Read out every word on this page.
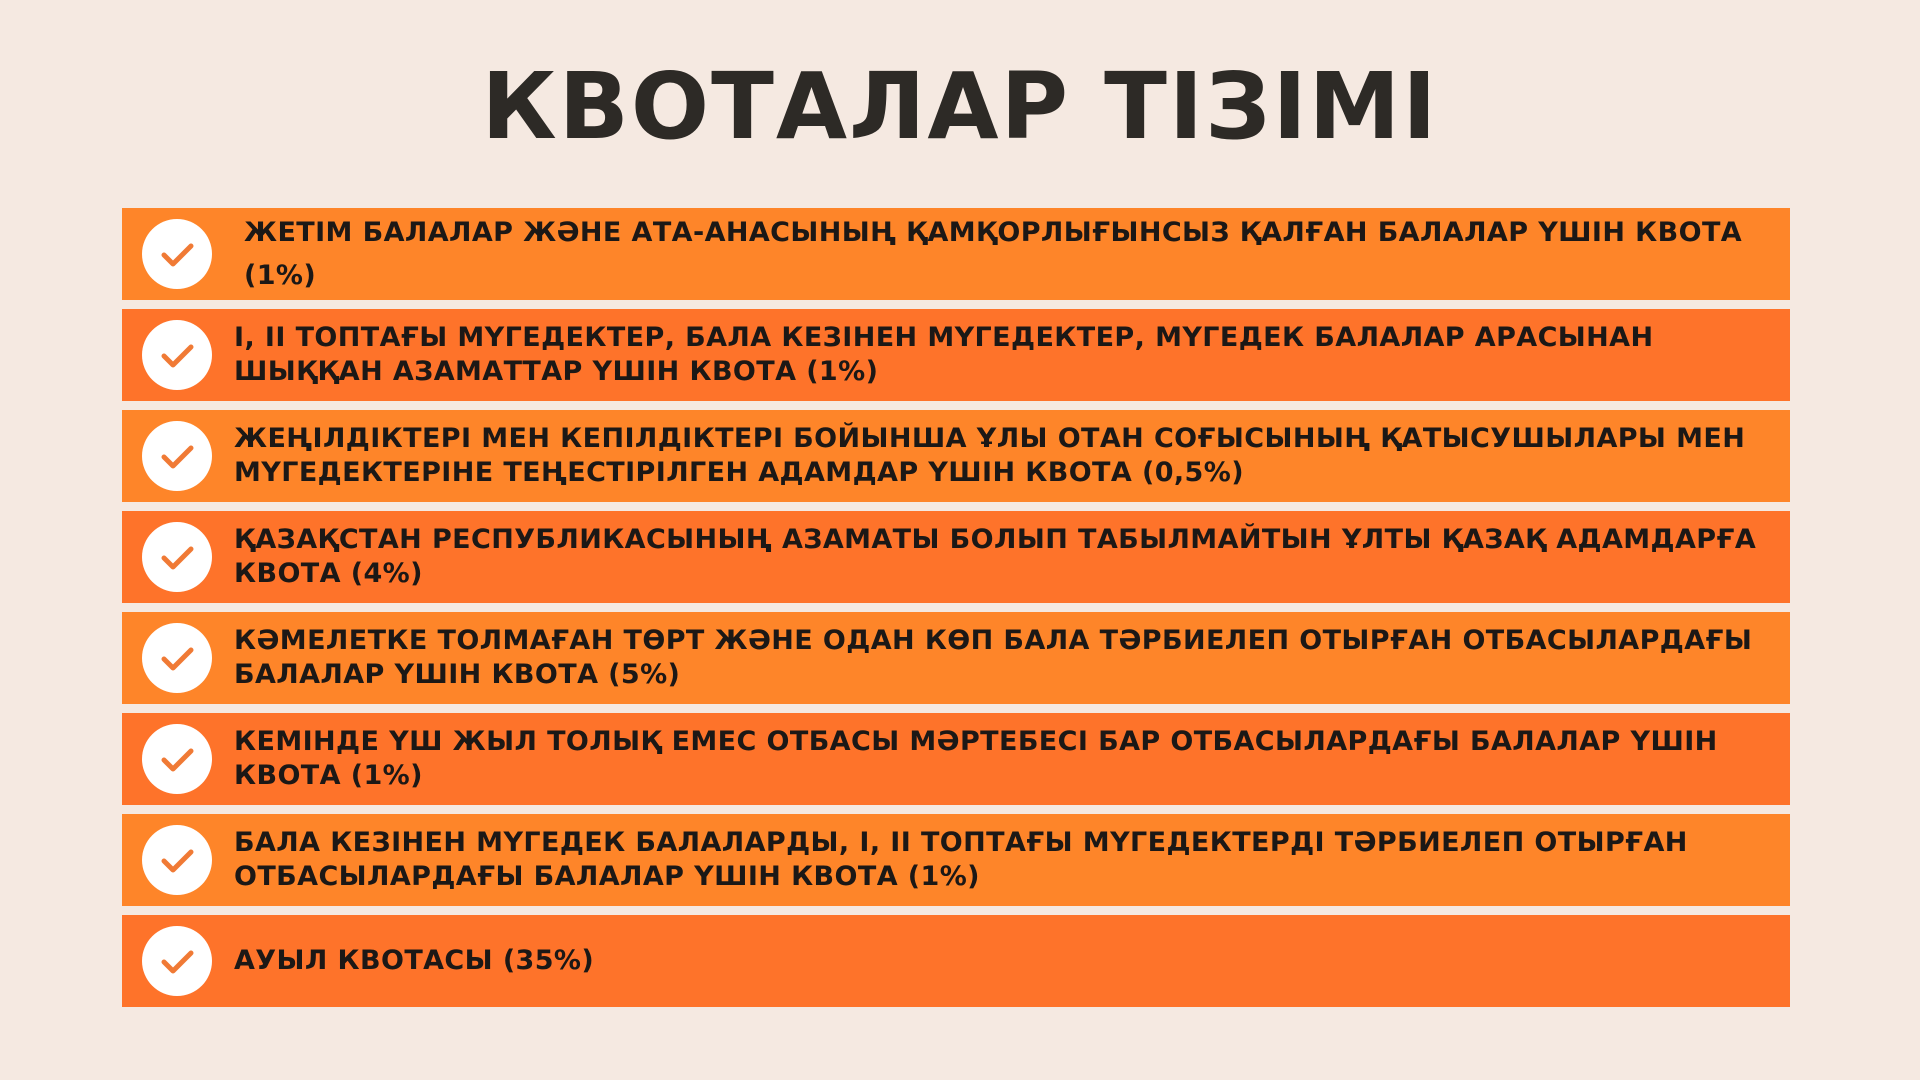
КВОТАЛАР ТІЗІМІ
ЖЕТІМ БАЛАЛАР ЖӘНЕ АТА-АНАСЫНЫҢ ҚАМҚОРЛЫҒЫНСЫЗ ҚАЛҒАН БАЛАЛАР ҮШІН КВОТА (1%)
I, II ТОПТАҒЫ МҮГЕДЕКТЕР, БАЛА КЕЗІНЕН МҮГЕДЕКТЕР, МҮГЕДЕК БАЛАЛАР АРАСЫНАН ШЫҚҚАН АЗАМАТТАР ҮШІН КВОТА (1%)
ЖЕҢІЛДІКТЕРІ МЕН КЕПІЛДІКТЕРІ БОЙЫНША ҰЛЫ ОТАН СОҒЫСЫНЫҢ ҚАТЫСУШЫЛАРЫ МЕН МҮГЕДЕКТЕРІНЕ ТЕҢЕСТІРІЛГЕН АДАМДАР ҮШІН КВОТА (0,5%)
ҚАЗАҚСТАН РЕСПУБЛИКАСЫНЫҢ АЗАМАТЫ БОЛЫП ТАБЫЛМАЙТЫН ҰЛТЫ ҚАЗАҚ АДАМДАРҒА КВОТА (4%)
КӘМЕЛЕТКЕ ТОЛМАҒАН ТӨРТ ЖӘНЕ ОДАН КӨП БАЛА ТӘРБИЕЛЕП ОТЫРҒАН ОТБАСЫЛАРДАҒЫ БАЛАЛАР ҮШІН КВОТА (5%)
КЕМІНДЕ ҮШ ЖЫЛ ТОЛЫҚ ЕМЕС ОТБАСЫ МӘРТЕБЕСІ БАР ОТБАСЫЛАРДАҒЫ БАЛАЛАР ҮШІН КВОТА (1%)
БАЛА КЕЗІНЕН МҮГЕДЕК БАЛАЛАРДЫ, I, II ТОПТАҒЫ МҮГЕДЕКТЕРДІ ТӘРБИЕЛЕП ОТЫРҒАН ОТБАСЫЛАРДАҒЫ БАЛАЛАР ҮШІН КВОТА (1%)
АУЫЛ КВОТАСЫ (35%)
